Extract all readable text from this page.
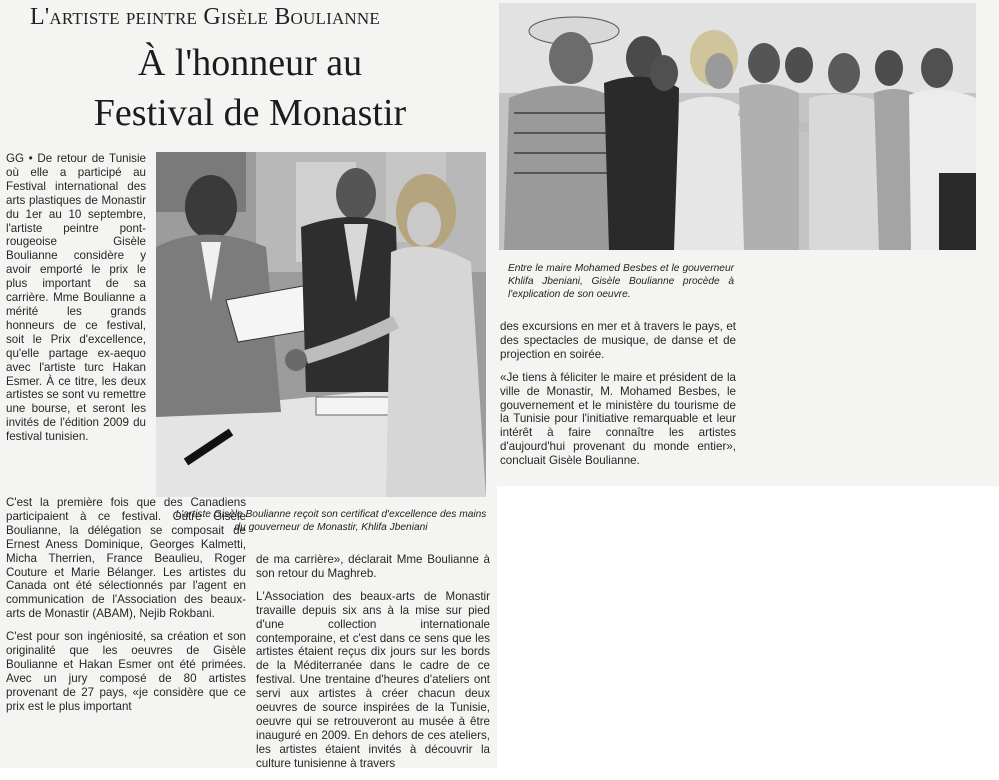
L'artiste peintre Gisèle Boulianne
À l'honneur au
Festival de Monastir

GG • De retour de Tunisie où elle a participé au Festival international des arts plastiques de Monastir du 1er au 10 septembre, l'artiste peintre pont-rougeoise Gisèle Boulianne considère y avoir emporté le prix le plus important de sa carrière. Mme Boulianne a mérité les grands honneurs de ce festival, soit le Prix d'excellence, qu'elle partage ex-aequo avec l'artiste turc Hakan Esmer. À ce titre, les deux artistes se sont vu remettre une bourse, et seront les invités de l'édition 2009 du festival tunisien.

L'artiste Gisèle Boulianne reçoit son certificat d'excellence des mains du gouverneur de Monastir, Khlifa Jbeniani

C'est la première fois que des Canadiens participaient à ce festival. Outre Gisèle Boulianne, la délégation se composait de Ernest Aness Dominique, Georges Kalmetti, Micha Therrien, France Beaulieu, Roger Couture et Marie Bélanger. Les artistes du Canada ont été sélectionnés par l'agent en communication de l'Association des beaux-arts de Monastir (ABAM), Nejib Rokbani.

C'est pour son ingéniosité, sa création et son originalité que les oeuvres de Gisèle Boulianne et Hakan Esmer ont été primées. Avec un jury composé de 80 artistes provenant de 27 pays, «je considère que ce prix est le plus important

de ma carrière», déclarait Mme Boulianne à son retour du Maghreb.

L'Association des beaux-arts de Monastir travaille depuis six ans à la mise sur pied d'une collection internationale contemporaine, et c'est dans ce sens que les artistes étaient reçus dix jours sur les bords de la Méditerranée dans le cadre de ce festival. Une trentaine d'heures d'ateliers ont servi aux artistes à créer chacun deux oeuvres de source inspirées de la Tunisie, oeuvre qui se retrouveront au musée à être inauguré en 2009. En dehors de ces ateliers, les artistes étaient invités à découvrir la culture tunisienne à travers

Entre le maire Mohamed Besbes et le gouverneur Khlifa Jbeniani, Gisèle Boulianne procède à l'explication de son oeuvre.

des excursions en mer et à travers le pays, et des spectacles de musique, de danse et de projection en soirée.

«Je tiens à féliciter le maire et président de la ville de Monastir, M. Mohamed Besbes, le gouvernement et le ministère du tourisme de la Tunisie pour l'initiative remarquable et leur intérêt à faire connaître les artistes d'aujourd'hui provenant du monde entier», concluait Gisèle Boulianne.
